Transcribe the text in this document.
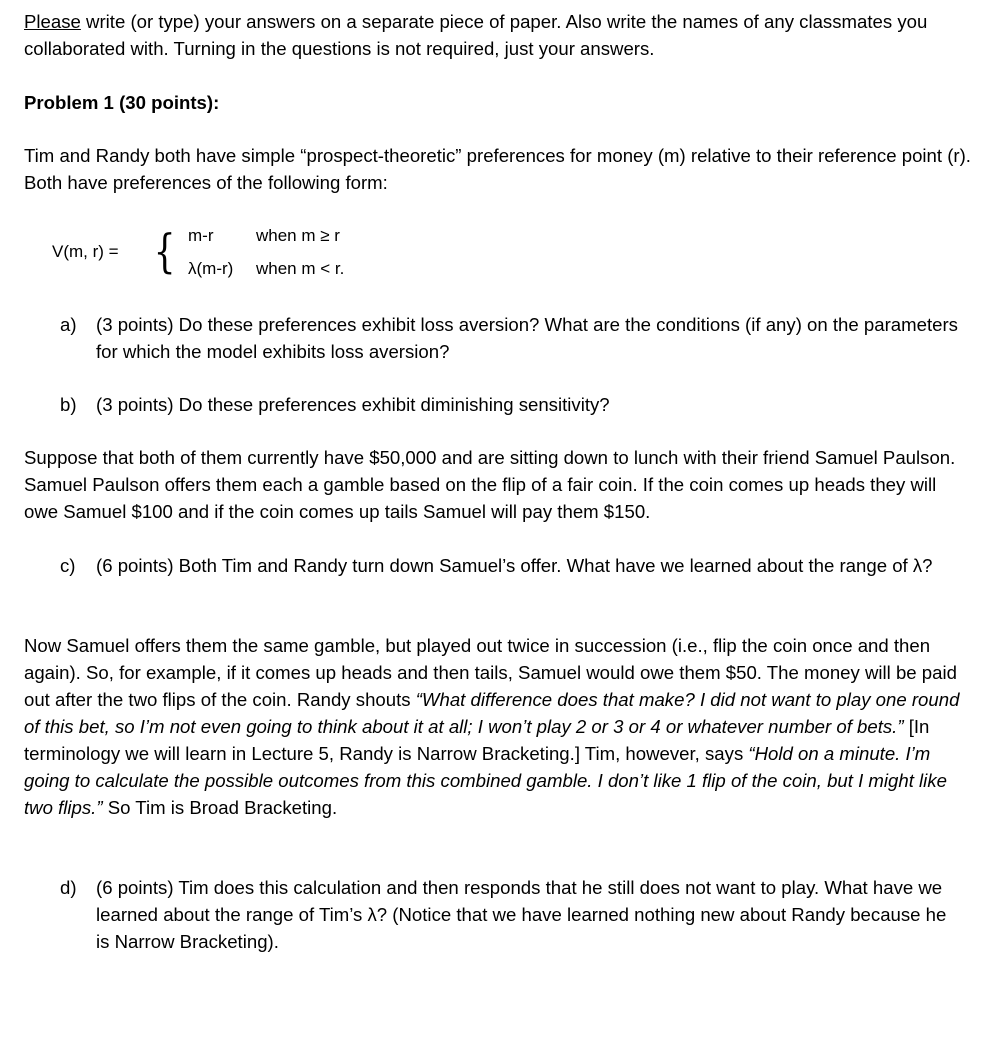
Please write (or type) your answers on a separate piece of paper. Also write the names of any classmates you collaborated with. Turning in the questions is not required, just your answers.
Problem 1 (30 points):
Tim and Randy both have simple “prospect-theoretic” preferences for money (m) relative to their reference point (r). Both have preferences of the following form:
V(m, r) = { m-r	when m ≥ r
λ(m-r) when m < r.
a) (3 points) Do these preferences exhibit loss aversion? What are the conditions (if any) on the parameters for which the model exhibits loss aversion?
b) (3 points) Do these preferences exhibit diminishing sensitivity?
Suppose that both of them currently have $50,000 and are sitting down to lunch with their friend Samuel Paulson. Samuel Paulson offers them each a gamble based on the flip of a fair coin. If the coin comes up heads they will owe Samuel $100 and if the coin comes up tails Samuel will pay them $150.
c) (6 points) Both Tim and Randy turn down Samuel’s offer. What have we learned about the range of λ?
Now Samuel offers them the same gamble, but played out twice in succession (i.e., flip the coin once and then again). So, for example, if it comes up heads and then tails, Samuel would owe them $50. The money will be paid out after the two flips of the coin. Randy shouts “What difference does that make? I did not want to play one round of this bet, so I’m not even going to think about it at all; I won’t play 2 or 3 or 4 or whatever number of bets.” [In terminology we will learn in Lecture 5, Randy is Narrow Bracketing.] Tim, however, says “Hold on a minute. I’m going to calculate the possible outcomes from this combined gamble. I don’t like 1 flip of the coin, but I might like two flips.” So Tim is Broad Bracketing.
d) (6 points) Tim does this calculation and then responds that he still does not want to play. What have we learned about the range of Tim’s λ? (Notice that we have learned nothing new about Randy because he is Narrow Bracketing).
